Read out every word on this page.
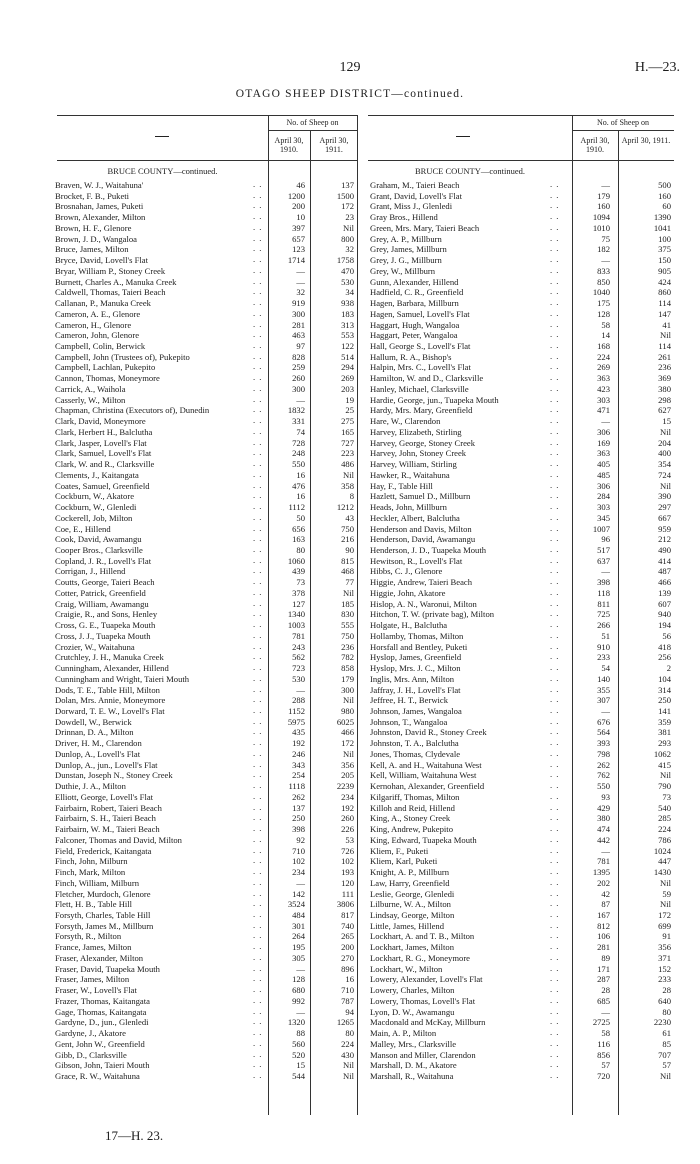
129	H.—23.
OTAGO SHEEP DISTRICT—continued.
No. of Sheep on	No. of Sheep on
April 30, 1910.
April 30, 1911.
April 30, 1910.
April 30, 1911.
BRUCE COUNTY—continued.	BRUCE COUNTY—continued.
Braven, W. J., Waitahuna'	. .	46	137
Brocket, F. B., Puketi	. .	1200	1500
Brosnahan, James, Puketi	. .	200	172
Brown, Alexander, Milton	. .	10	23
Brown, H. F., Glenore	. .	397	Nil
Brown, J. D., Wangaloa	. .	657	800
Bruce, James, Milton	. .	123	32
Bryce, David, Lovell's Flat	. .	1714	1758
Bryar, William P., Stoney Creek	. .	—	470
Burnett, Charles A., Manuka Creek	. .	—	530
Caldwell, Thomas, Taieri Beach	. .	32	34
Callanan, P., Manuka Creek	. .	919	938
Cameron, A. E., Glenore	. .	300	183
Cameron, H., Glenore	. .	281	313
Cameron, John, Glenore	. .	463	553
Campbell, Colin, Berwick	. .	97	122
Campbell, John (Trustees of), Pukepito	. .	828	514
Campbell, Lachlan, Pukepito	. .	259	294
Cannon, Thomas, Moneymore	. .	260	269
Carrick, A., Waihola	. .	300	203
Casserly, W., Milton	. .	—	19
Chapman, Christina (Executors of), Dunedin	. .	1832	25
Clark, David, Moneymore	. .	331	275
Clark, Herbert H., Balclutha	. .	74	165
Clark, Jasper, Lovell's Flat	. .	728	727
Clark, Samuel, Lovell's Flat	. .	248	223
Clark, W. and R., Clarksville	. .	550	486
Clements, J., Kaitangata	. .	16	Nil
Coates, Samuel, Greenfield	. .	476	358
Cockburn, W., Akatore	. .	16	8
Cockburn, W., Glenledi	. .	1112	1212
Cockerell, Job, Milton	. .	50	43
Coe, E., Hillend	. .	656	750
Cook, David, Awamangu	. .	163	216
Cooper Bros., Clarksville	. .	80	90
Copland, J. R., Lovell's Flat	. .	1060	815
Corrigan, J., Hillend	. .	439	468
Coutts, George, Taieri Beach	. .	73	77
Cotter, Patrick, Greenfield	. .	378	Nil
Craig, William, Awamangu	. .	127	185
Craigie, R., and Sons, Henley	. .	1340	830
Cross, G. E., Tuapeka Mouth	. .	1003	555
Cross, J. J., Tuapeka Mouth	. .	781	750
Crozier, W., Waitahuna	. .	243	236
Crutchley, J. H., Manuka Creek	. .	562	782
Cunningham, Alexander, Hillend	. .	723	858
Cunningham and Wright, Taieri Mouth	. .	530	179
Dods, T. E., Table Hill, Milton	. .	—	300
Dolan, Mrs. Annie, Moneymore	. .	288	Nil
Dorward, T. E. W., Lovell's Flat	. .	1152	980
Dowdell, W., Berwick	. .	5975	6025
Drinnan, D. A., Milton	. .	435	466
Driver, H. M., Clarendon	. .	192	172
Dunlop, A., Lovell's Flat	. .	246	Nil
Dunlop, A., jun., Lovell's Flat	. .	343	356
Dunstan, Joseph N., Stoney Creek	. .	254	205
Duthie, J. A., Milton	. .	1118	2239
Elliott, George, Lovell's Flat	. .	262	234
Fairbairn, Robert, Taieri Beach	. .	137	192
Fairbairn, S. H., Taieri Beach	. .	250	260
Fairbairn, W. M., Taieri Beach	. .	398	226
Falconer, Thomas and David, Milton	. .	92	53
Field, Frederick, Kaitangata	. .	710	726
Finch, John, Milburn	. .	102	102
Finch, Mark, Milton	. .	234	193
Finch, William, Milburn	. .	—	120
Fletcher, Murdoch, Glenore	. .	142	111
Flett, H. B., Table Hill	. .	3524	3806
Forsyth, Charles, Table Hill	. .	484	817
Forsyth, James M., Millburn	. .	301	740
Forsyth, R., Milton	. .	264	265
France, James, Milton	. .	195	200
Fraser, Alexander, Milton	. .	305	270
Fraser, David, Tuapeka Mouth	. .	—	896
Fraser, James, Milton	. .	128	16
Fraser, W., Lovell's Flat	. .	680	710
Frazer, Thomas, Kaitangata	. .	992	787
Gage, Thomas, Kaitangata	. .	—	94
Gardyne, D., jun., Glenledi	. .	1320	1265
Gardyne, J., Akatore	. .	88	80
Gent, John W., Greenfield	. .	560	224
Gibb, D., Clarksville	. .	520	430
Gibson, John, Taieri Mouth	. .	15	Nil
Grace, R. W., Waitahuna	. .	544	Nil
Graham, M., Taieri Beach	. .	—	500
Grant, David, Lovell's Flat	. .	179	160
Grant, Miss J., Glenledi	. .	160	60
Gray Bros., Hillend	. .	1094	1390
Green, Mrs. Mary, Taieri Beach	. .	1010	1041
Grey, A. P., Millburn	. .	75	100
Grey, James, Millburn	. .	182	375
Grey, J. G., Millburn	. .	—	150
Grey, W., Millburn	. .	833	905
Gunn, Alexander, Hillend	. .	850	424
Hadfield, C. R., Greenfield	. .	1040	860
Hagen, Barbara, Millburn	. .	175	114
Hagen, Samuel, Lovell's Flat	. .	128	147
Haggart, Hugh, Wangaloa	. .	58	41
Haggart, Peter, Wangaloa	. .	14	Nil
Hall, George S., Lovell's Flat	. .	168	114
Hallum, R. A., Bishop's	. .	224	261
Halpin, Mrs. C., Lovell's Flat	. .	269	236
Hamilton, W. and D., Clarksville	. .	363	369
Hanley, Michael, Clarksville	. .	423	380
Hardie, George, jun., Tuapeka Mouth	. .	303	298
Hardy, Mrs. Mary, Greenfield	. .	471	627
Hare, W., Clarendon	. .	—	15
Harvey, Elizabeth, Stirling	. .	306	Nil
Harvey, George, Stoney Creek	. .	169	204
Harvey, John, Stoney Creek	. .	363	400
Harvey, William, Stirling	. .	405	354
Hawker, R., Waitahuna	. .	485	724
Hay, F., Table Hill	. .	306	Nil
Hazlett, Samuel D., Millburn	. .	284	390
Heads, John, Millburn	. .	303	297
Heckler, Albert, Balclutha	. .	345	667
Henderson and Davis, Milton	. .	1007	959
Henderson, David, Awamangu	. .	96	212
Henderson, J. D., Tuapeka Mouth	. .	517	490
Hewitson, R., Lovell's Flat	. .	637	414
Hibbs, C. J., Glenore	. .	—	487
Higgie, Andrew, Taieri Beach	. .	398	466
Higgie, John, Akatore	. .	118	139
Hislop, A. N., Waronui, Milton	. .	811	607
Hitchon, T. W. (private bag), Milton	. .	725	940
Holgate, H., Balclutha	. .	266	194
Hollamby, Thomas, Milton	. .	51	56
Horsfall and Bentley, Puketi	. .	910	418
Hyslop, James, Greenfield	. .	233	256
Hyslop, Mrs. J. C., Milton	. .	54	2
Inglis, Mrs. Ann, Milton	. .	140	104
Jaffray, J. H., Lovell's Flat	. .	355	314
Jeffree, H. T., Berwick	. .	307	250
Johnson, James, Wangaloa	. .	—	141
Johnson, T., Wangaloa	. .	676	359
Johnston, David R., Stoney Creek	. .	564	381
Johnston, T. A., Balclutha	. .	393	293
Jones, Thomas, Clydevale	. .	798	1062
Kell, A. and H., Waitahuna West	. .	262	415
Kell, William, Waitahuna West	. .	762	Nil
Kernohan, Alexander, Greenfield	. .	550	790
Kilgariff, Thomas, Milton	. .	93	73
Killoh and Reid, Hillend	. .	429	540
King, A., Stoney Creek	. .	380	285
King, Andrew, Pukepito	. .	474	224
King, Edward, Tuapeka Mouth	. .	442	786
Kliem, F., Puketi	. .	—	1024
Kliem, Karl, Puketi	. .	781	447
Knight, A. P., Millburn	. .	1395	1430
Law, Harry, Greenfield	. .	202	Nil
Leslie, George, Glenledi	. .	42	59
Lilburne, W. A., Milton	. .	87	Nil
Lindsay, George, Milton	. .	167	172
Little, James, Hillend	. .	812	699
Lockhart, A. and T. B., Milton	. .	106	91
Lockhart, James, Milton	. .	281	356
Lockhart, R. G., Moneymore	. .	89	371
Lockhart, W., Milton	. .	171	152
Lowery, Alexander, Lovell's Flat	. .	287	233
Lowery, Charles, Milton	. .	28	28
Lowery, Thomas, Lovell's Flat	. .	685	640
Lyon, D. W., Awamangu	. .	—	80
Macdonald and McKay, Millburn	. .	2725	2230
Main, A. P., Milton	. .	58	61
Malley, Mrs., Clarksville	. .	116	85
Manson and Miller, Clarendon	. .	856	707
Marshall, D. M., Akatore	. .	57	57
Marshall, R., Waitahuna	. .	720	Nil
17—H. 23.
